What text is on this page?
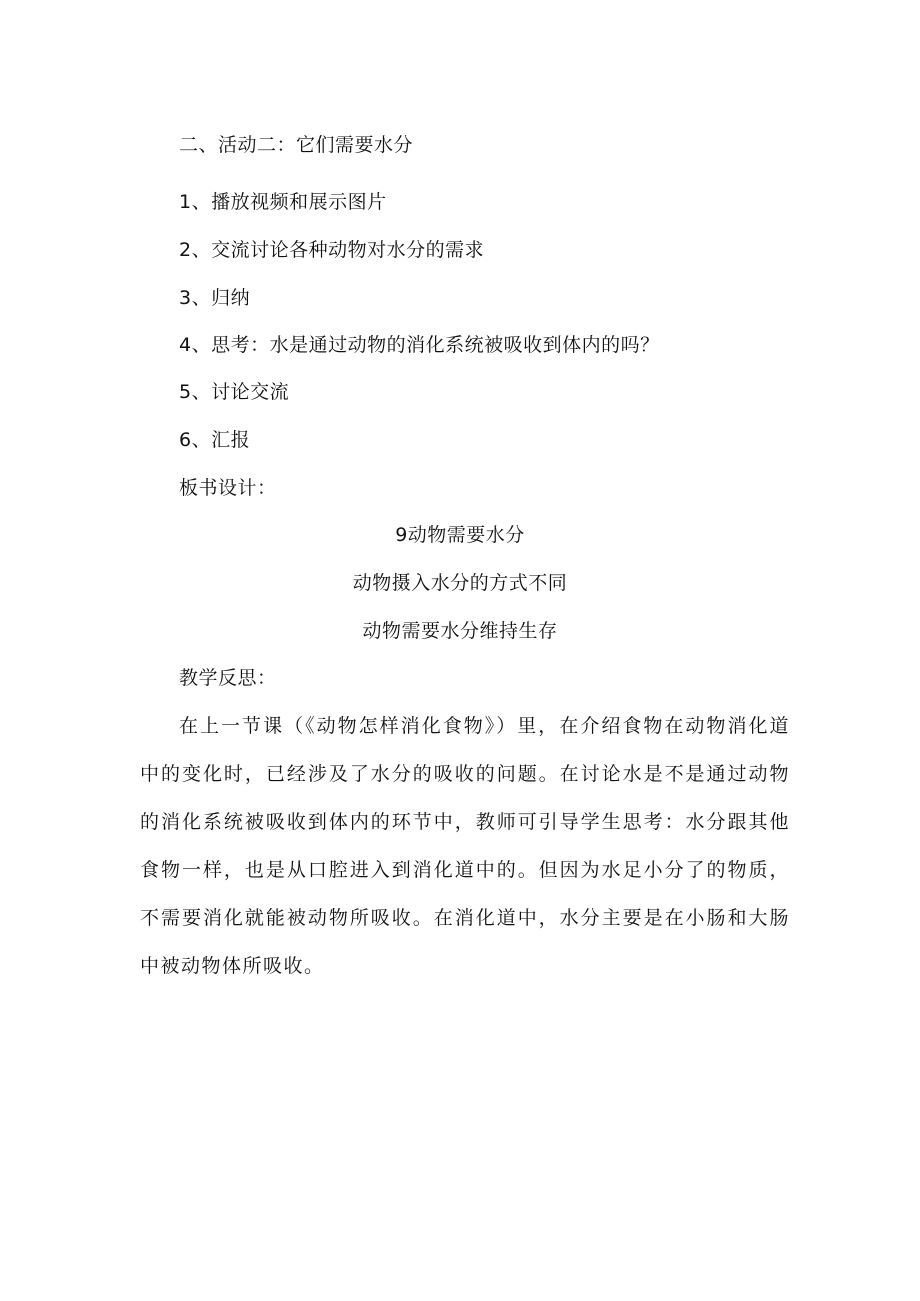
二、活动二：它们需要水分
1、播放视频和展示图片
2、交流讨论各种动物对水分的需求
3、归纳
4、思考：水是通过动物的消化系统被吸收到体内的吗？
5、讨论交流
6、汇报
板书设计：
9动物需要水分
动物摄入水分的方式不同
动物需要水分维持生存
教学反思：
在上一节课（《动物怎样消化食物》）里，在介绍食物在动物消化道中的变化时，已经涉及了水分的吸收的问题。在讨论水是不是通过动物的消化系统被吸收到体内的环节中，教师可引导学生思考：水分跟其他食物一样，也是从口腔进入到消化道中的。但因为水足小分了的物质，不需要消化就能被动物所吸收。在消化道中，水分主要是在小肠和大肠中被动物体所吸收。
